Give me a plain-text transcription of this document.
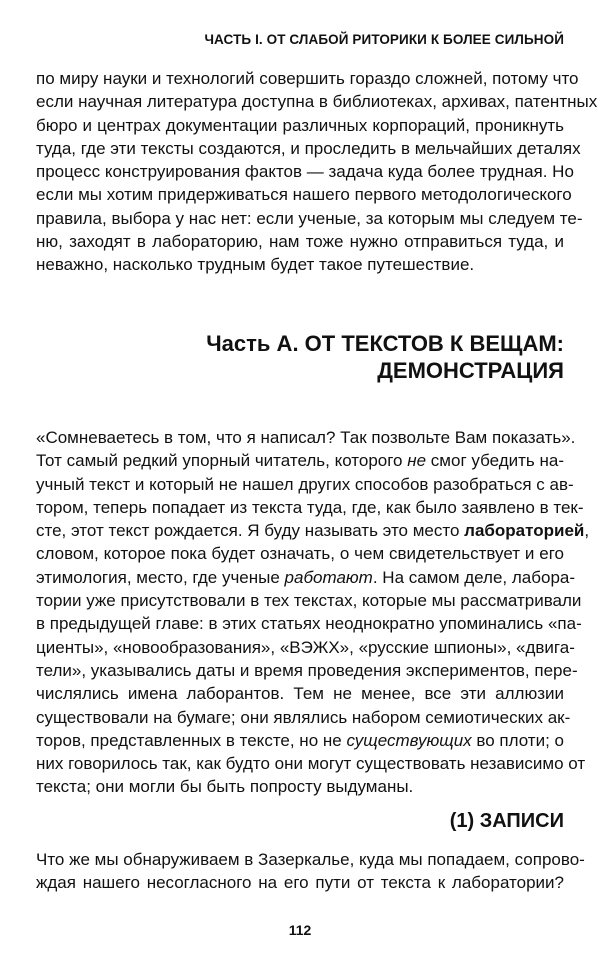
ЧАСТЬ I. ОТ СЛАБОЙ РИТОРИКИ К БОЛЕЕ СИЛЬНОЙ
по миру науки и технологий совершить гораздо сложней, потому что
если научная литература доступна в библиотеках, архивах, патентных
бюро и центрах документации различных корпораций, проникнуть
туда, где эти тексты создаются, и проследить в мельчайших деталях
процесс конструирования фактов — задача куда более трудная. Но
если мы хотим придерживаться нашего первого методологического
правила, выбора у нас нет: если ученые, за которым мы следуем те-
ню, заходят в лабораторию, нам тоже нужно отправиться туда, и
неважно, насколько трудным будет такое путешествие.
Часть А. ОТ ТЕКСТОВ К ВЕЩАМ:
ДЕМОНСТРАЦИЯ
«Сомневаетесь в том, что я написал? Так позвольте Вам показать».
Тот самый редкий упорный читатель, которого не смог убедить на-
учный текст и который не нашел других способов разобраться с ав-
тором, теперь попадает из текста туда, где, как было заявлено в тек-
сте, этот текст рождается. Я буду называть это место лабораторией,
словом, которое пока будет означать, о чем свидетельствует и его
этимология, место, где ученые работают. На самом деле, лабора-
тории уже присутствовали в тех текстах, которые мы рассматривали
в предыдущей главе: в этих статьях неоднократно упоминались «па-
циенты», «новообразования», «ВЭЖХ», «русские шпионы», «двига-
тели», указывались даты и время проведения экспериментов, пере-
числялись имена лаборантов. Тем не менее, все эти аллюзии
существовали на бумаге; они являлись набором семиотических ак-
торов, представленных в тексте, но не существующих во плоти; о
них говорилось так, как будто они могут существовать независимо от
текста; они могли бы быть попросту выдуманы.
(1) ЗАПИСИ
Что же мы обнаруживаем в Зазеркалье, куда мы попадаем, сопрово-
ждая нашего несогласного на его пути от текста к лаборатории?
112
